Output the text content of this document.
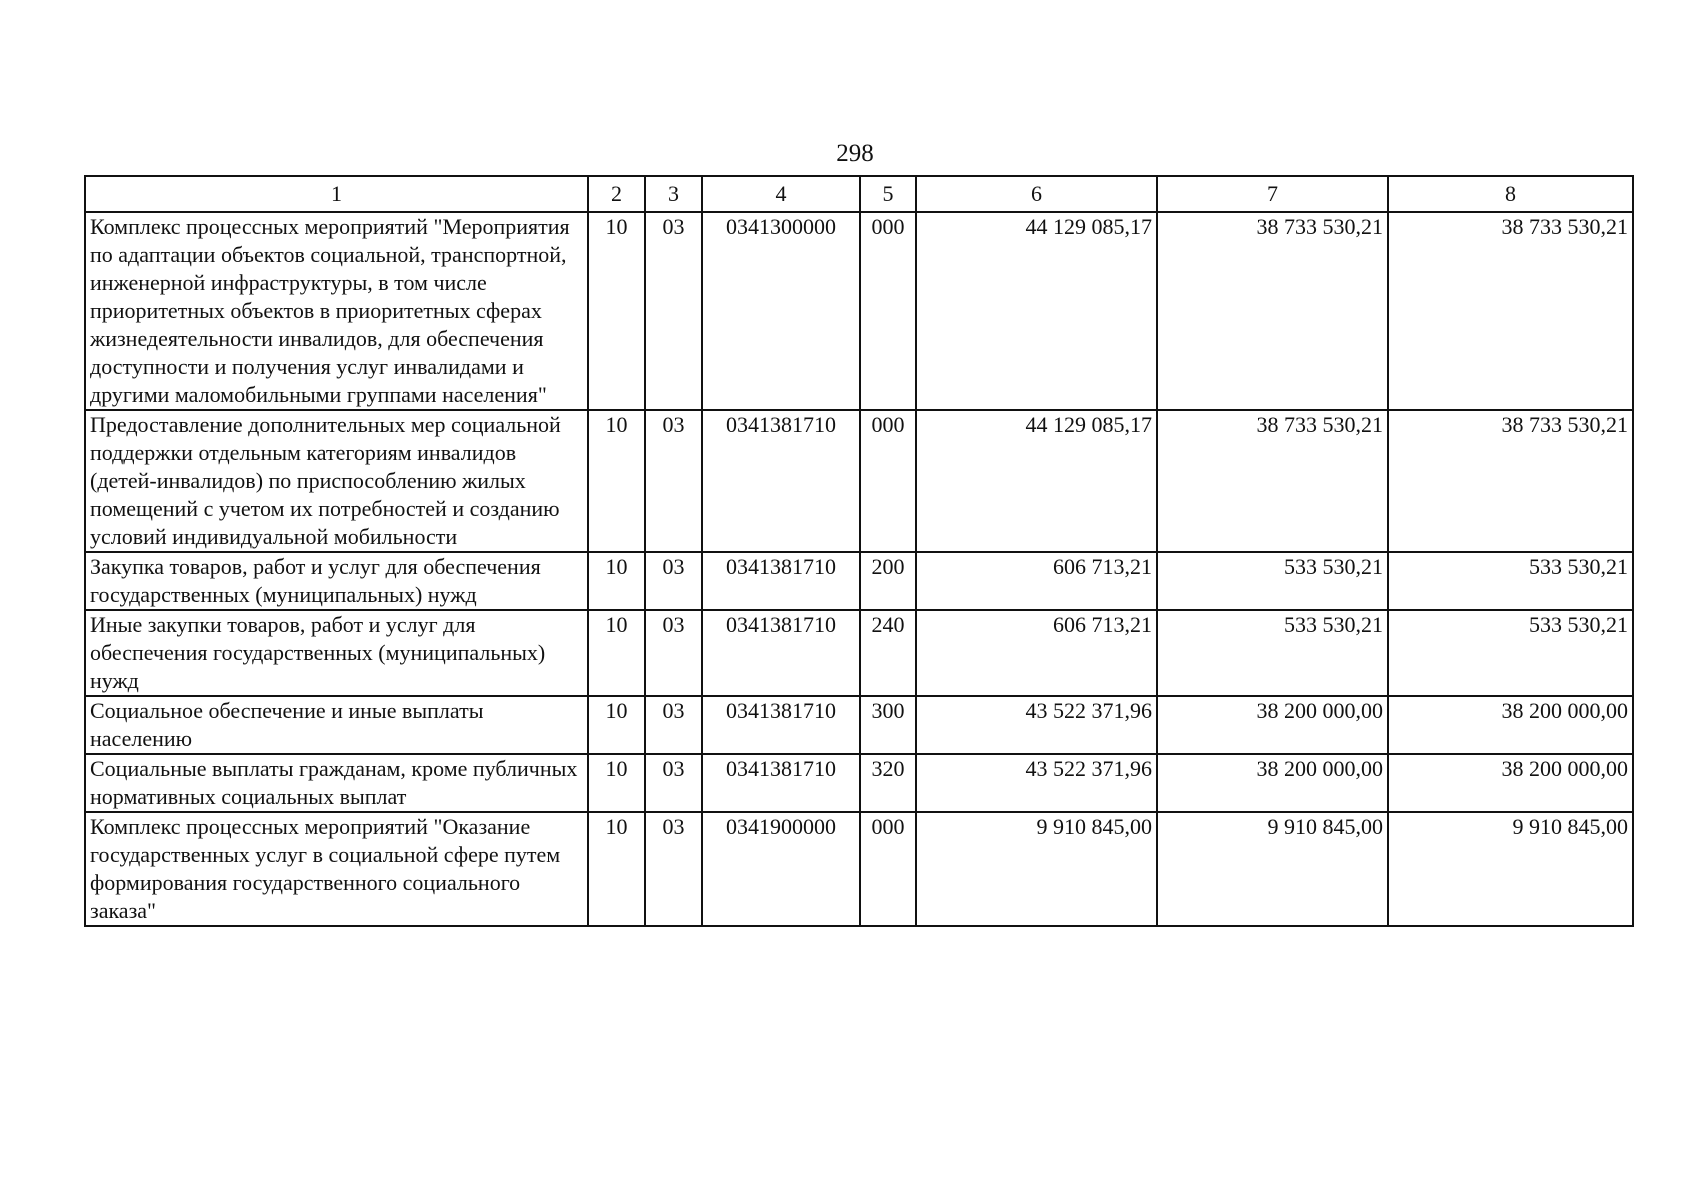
298
1	2	3	4	5	6	7	8
Комплекс процессных мероприятий "Мероприятия по адаптации объектов социальной, транспортной, инженерной инфраструктуры, в том числе приоритетных объектов в приоритетных сферах жизнедеятельности инвалидов, для обеспечения доступности и получения услуг инвалидами и другими маломобильными группами населения"	10	03	0341300000	000	44 129 085,17	38 733 530,21	38 733 530,21
Предоставление дополнительных мер социальной поддержки отдельным категориям инвалидов (детей-инвалидов) по приспособлению жилых помещений с учетом их потребностей и созданию условий индивидуальной мобильности	10	03	0341381710	000	44 129 085,17	38 733 530,21	38 733 530,21
Закупка товаров, работ и услуг для обеспечения государственных (муниципальных) нужд	10	03	0341381710	200	606 713,21	533 530,21	533 530,21
Иные закупки товаров, работ и услуг для обеспечения государственных (муниципальных) нужд	10	03	0341381710	240	606 713,21	533 530,21	533 530,21
Социальное обеспечение и иные выплаты населению	10	03	0341381710	300	43 522 371,96	38 200 000,00	38 200 000,00
Социальные выплаты гражданам, кроме публичных нормативных социальных выплат	10	03	0341381710	320	43 522 371,96	38 200 000,00	38 200 000,00
Комплекс процессных мероприятий "Оказание государственных услуг в социальной сфере путем формирования государственного социального заказа"	10	03	0341900000	000	9 910 845,00	9 910 845,00	9 910 845,00
